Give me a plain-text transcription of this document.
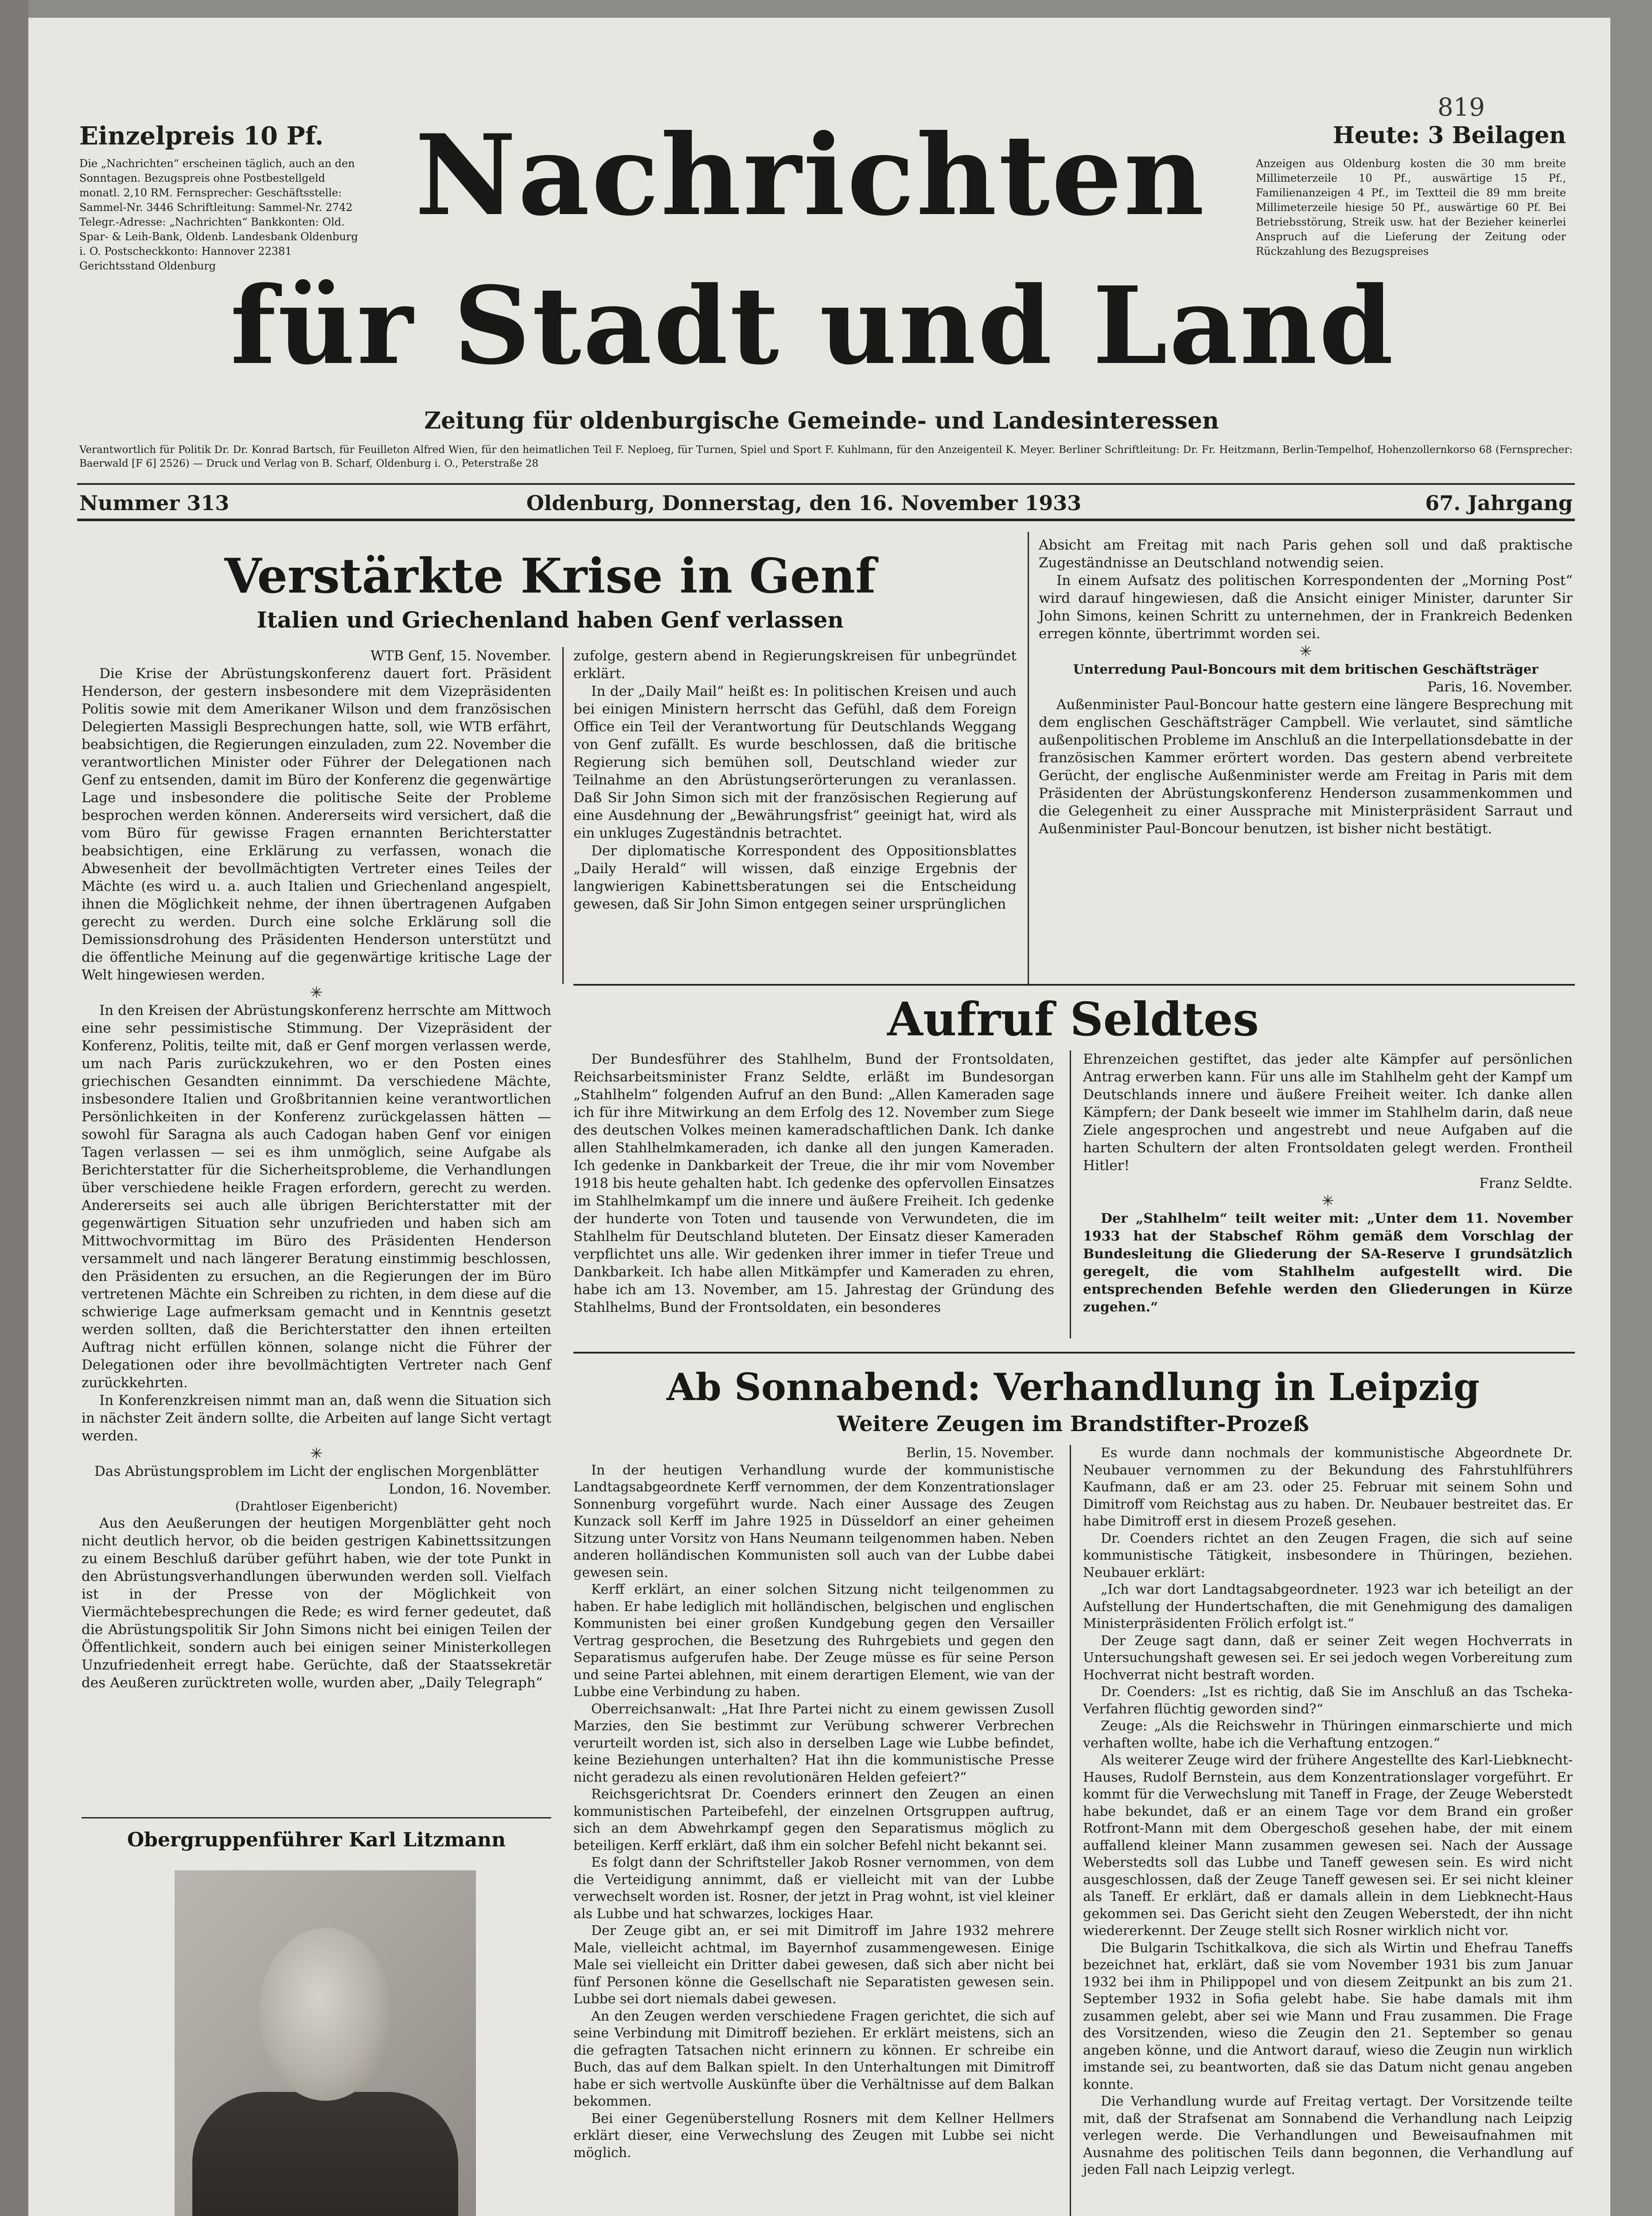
819
Einzelpreis 10 Pf.
Die „Nachrichten“ erscheinen täglich, auch an den Sonntagen. Bezugspreis ohne Postbestellgeld monatl. 2,10 RM. Fernsprecher: Geschäftsstelle: Sammel-Nr. 3446 Schriftleitung: Sammel-Nr. 2742 Telegr.-Adresse: „Nachrichten“ Bankkonten: Old. Spar- & Leih-Bank, Oldenb. Landesbank Oldenburg i. O. Postscheckkonto: Hannover 22381 Gerichtsstand Oldenburg
Nachrichten
für Stadt und Land
Zeitung für oldenburgische Gemeinde- und Landesinteressen
Heute: 3 Beilagen
Anzeigen aus Oldenburg kosten die 30 mm breite Millimeterzeile 10 Pf., auswärtige 15 Pf., Familienanzeigen 4 Pf., im Textteil die 89 mm breite Millimeterzeile hiesige 50 Pf., auswärtige 60 Pf. Bei Betriebsstörung, Streik usw. hat der Bezieher keinerlei Anspruch auf die Lieferung der Zeitung oder Rückzahlung des Bezugspreises
Verantwortlich für Politik Dr. Dr. Konrad Bartsch, für Feuilleton Alfred Wien, für den heimatlichen Teil F. Neploeg, für Turnen, Spiel und Sport F. Kuhlmann, für den Anzeigenteil K. Meyer. Berliner Schriftleitung: Dr. Fr. Heitzmann, Berlin-Tempelhof, Hohenzollernkorso 68 (Fernsprecher: Baerwald [F 6] 2526) — Druck und Verlag von B. Scharf, Oldenburg i. O., Peterstraße 28
Nummer 313	Oldenburg, Donnerstag, den 16. November 1933	67. Jahrgang
Verstärkte Krise in Genf
Italien und Griechenland haben Genf verlassen
WTB Genf, 15. November.

Die Krise der Abrüstungskonferenz dauert fort. Präsident Henderson, der gestern insbesondere mit dem Vizepräsidenten Politis sowie mit dem Amerikaner Wilson und dem französischen Delegierten Massigli Besprechungen hatte, soll, wie WTB erfährt, beabsichtigen, die Regierungen einzuladen, zum 22. November die verantwortlichen Minister oder Führer der Delegationen nach Genf zu entsenden, damit im Büro der Konferenz die gegenwärtige Lage und insbesondere die politische Seite der Probleme besprochen werden können. Andererseits wird versichert, daß die vom Büro für gewisse Fragen ernannten Berichterstatter beabsichtigen, eine Erklärung zu verfassen, wonach die Abwesenheit der bevollmächtigten Vertreter eines Teiles der Mächte (es wird u. a. auch Italien und Griechenland angespielt, ihnen die Möglichkeit nehme, der ihnen übertragenen Aufgaben gerecht zu werden. Durch eine solche Erklärung soll die Demissionsdrohung des Präsidenten Henderson unterstützt und die öffentliche Meinung auf die gegenwärtige kritische Lage der Welt hingewiesen werden.

✳

In den Kreisen der Abrüstungskonferenz herrschte am Mittwoch eine sehr pessimistische Stimmung. Der Vizepräsident der Konferenz, Politis, teilte mit, daß er Genf morgen verlassen werde, um nach Paris zurückzukehren, wo er den Posten eines griechischen Gesandten einnimmt. Da verschiedene Mächte, insbesondere Italien und Großbritannien keine verantwortlichen Persönlichkeiten in der Konferenz zurückgelassen hätten — sowohl für Saragna als auch Cadogan haben Genf vor einigen Tagen verlassen — sei es ihm unmöglich, seine Aufgabe als Berichterstatter für die Sicherheitsprobleme, die Verhandlungen über verschiedene heikle Fragen erfordern, gerecht zu werden. Andererseits sei auch alle übrigen Berichterstatter mit der gegenwärtigen Situation sehr unzufrieden und haben sich am Mittwochvormittag im Büro des Präsidenten Henderson versammelt und nach längerer Beratung einstimmig beschlossen, den Präsidenten zu ersuchen, an die Regierungen der im Büro vertretenen Mächte ein Schreiben zu richten, in dem diese auf die schwierige Lage aufmerksam gemacht und in Kenntnis gesetzt werden sollten, daß die Berichterstatter den ihnen erteilten Auftrag nicht erfüllen können, solange nicht die Führer der Delegationen oder ihre bevollmächtigten Vertreter nach Genf zurückkehrten.

In Konferenzkreisen nimmt man an, daß wenn die Situation sich in nächster Zeit ändern sollte, die Arbeiten auf lange Sicht vertagt werden.

✳
Das Abrüstungsproblem im Licht der englischen Morgenblätter
London, 16. November.
(Drahtloser Eigenbericht)

Aus den Aeußerungen der heutigen Morgenblätter geht noch nicht deutlich hervor, ob die beiden gestrigen Kabinettssitzungen zu einem Beschluß darüber geführt haben, wie der tote Punkt in den Abrüstungsverhandlungen überwunden werden soll. Vielfach ist in der Presse von der Möglichkeit von Viermächtebesprechungen die Rede; es wird ferner gedeutet, daß die Abrüstungspolitik Sir John Simons nicht bei einigen Teilen der Öffentlichkeit, sondern auch bei einigen seiner Ministerkollegen Unzufriedenheit erregt habe. Gerüchte, daß der Staatssekretär des Aeußeren zurücktreten wolle, wurden aber, „Daily Telegraph“

zufolge, gestern abend in Regierungskreisen für unbegründet erklärt.

In der „Daily Mail“ heißt es: In politischen Kreisen und auch bei einigen Ministern herrscht das Gefühl, daß dem Foreign Office ein Teil der Verantwortung für Deutschlands Weggang von Genf zufällt. Es wurde beschlossen, daß die britische Regierung sich bemühen soll, Deutschland wieder zur Teilnahme an den Abrüstungserörterungen zu veranlassen. Daß Sir John Simon sich mit der französischen Regierung auf eine Ausdehnung der „Bewährungsfrist“ geeinigt hat, wird als ein unkluges Zugeständnis betrachtet.

Der diplomatische Korrespondent des Oppositionsblattes „Daily Herald“ will wissen, daß einzige Ergebnis der langwierigen Kabinettsberatungen sei die Entscheidung gewesen, daß Sir John Simon entgegen seiner ursprünglichen

Absicht am Freitag mit nach Paris gehen soll und daß praktische Zugeständnisse an Deutschland notwendig seien.

In einem Aufsatz des politischen Korrespondenten der „Morning Post“ wird darauf hingewiesen, daß die Ansicht einiger Minister, darunter Sir John Simons, keinen Schritt zu unternehmen, der in Frankreich Bedenken erregen könnte, übertrimmt worden sei.

✳
Unterredung Paul-Boncours mit dem britischen Geschäftsträger
Paris, 16. November.

Außenminister Paul-Boncour hatte gestern eine längere Besprechung mit dem englischen Geschäftsträger Campbell. Wie verlautet, sind sämtliche außenpolitischen Probleme im Anschluß an die Interpellationsdebatte in der französischen Kammer erörtert worden. Das gestern abend verbreitete Gerücht, der englische Außenminister werde am Freitag in Paris mit dem Präsidenten der Abrüstungskonferenz Henderson zusammenkommen und die Gelegenheit zu einer Aussprache mit Ministerpräsident Sarraut und Außenminister Paul-Boncour benutzen, ist bisher nicht bestätigt.

Aufruf Seldtes

Der Bundesführer des Stahlhelm, Bund der Frontsoldaten, Reichsarbeitsminister Franz Seldte, erläßt im Bundesorgan „Stahlhelm“ folgenden Aufruf an den Bund: „Allen Kameraden sage ich für ihre Mitwirkung an dem Erfolg des 12. November zum Siege des deutschen Volkes meinen kameradschaftlichen Dank. Ich danke allen Stahlhelmkameraden, ich danke all den jungen Kameraden. Ich gedenke in Dankbarkeit der Treue, die ihr mir vom November 1918 bis heute gehalten habt. Ich gedenke des opfervollen Einsatzes im Stahlhelmkampf um die innere und äußere Freiheit. Ich gedenke der hunderte von Toten und tausende von Verwundeten, die im Stahlhelm für Deutschland bluteten. Der Einsatz dieser Kameraden verpflichtet uns alle. Wir gedenken ihrer immer in tiefer Treue und Dankbarkeit. Ich habe allen Mitkämpfer und Kameraden zu ehren, habe ich am 13. November, am 15. Jahrestag der Gründung des Stahlhelms, Bund der Frontsoldaten, ein besonderes

Ehrenzeichen gestiftet, das jeder alte Kämpfer auf persönlichen Antrag erwerben kann. Für uns alle im Stahlhelm geht der Kampf um Deutschlands innere und äußere Freiheit weiter. Ich danke allen Kämpfern; der Dank beseelt wie immer im Stahlhelm darin, daß neue Ziele angesprochen und angestrebt und neue Aufgaben auf die harten Schultern der alten Frontsoldaten gelegt werden. Frontheil Hitler!

Franz Seldte.
✳

Der „Stahlhelm“ teilt weiter mit: „Unter dem 11. November 1933 hat der Stabschef Röhm gemäß dem Vorschlag der Bundesleitung die Gliederung der SA-Reserve I grundsätzlich geregelt, die vom Stahlhelm aufgestellt wird. Die entsprechenden Befehle werden den Gliederungen in Kürze zugehen.“

Ab Sonnabend: Verhandlung in Leipzig
Weitere Zeugen im Brandstifter-Prozeß
Berlin, 15. November.

In der heutigen Verhandlung wurde der kommunistische Landtagsabgeordnete Kerff vernommen, der dem Konzentrationslager Sonnenburg vorgeführt wurde. Nach einer Aussage des Zeugen Kunzack soll Kerff im Jahre 1925 in Düsseldorf an einer geheimen Sitzung unter Vorsitz von Hans Neumann teilgenommen haben. Neben anderen holländischen Kommunisten soll auch van der Lubbe dabei gewesen sein.

Kerff erklärt, an einer solchen Sitzung nicht teilgenommen zu haben. Er habe lediglich mit holländischen, belgischen und englischen Kommunisten bei einer großen Kundgebung gegen den Versailler Vertrag gesprochen, die Besetzung des Ruhrgebiets und gegen den Separatismus aufgerufen habe. Der Zeuge müsse es für seine Person und seine Partei ablehnen, mit einem derartigen Element, wie van der Lubbe eine Verbindung zu haben.

Oberreichsanwalt: „Hat Ihre Partei nicht zu einem gewissen Zusoll Marzies, den Sie bestimmt zur Verübung schwerer Verbrechen verurteilt worden ist, sich also in derselben Lage wie Lubbe befindet, keine Beziehungen unterhalten? Hat ihn die kommunistische Presse nicht geradezu als einen revolutionären Helden gefeiert?“

Reichsgerichtsrat Dr. Coenders erinnert den Zeugen an einen kommunistischen Parteibefehl, der einzelnen Ortsgruppen auftrug, sich an dem Abwehrkampf gegen den Separatismus möglich zu beteiligen. Kerff erklärt, daß ihm ein solcher Befehl nicht bekannt sei.

Es folgt dann der Schriftsteller Jakob Rosner vernommen, von dem die Verteidigung annimmt, daß er vielleicht mit van der Lubbe verwechselt worden ist. Rosner, der jetzt in Prag wohnt, ist viel kleiner als Lubbe und hat schwarzes, lockiges Haar.

Der Zeuge gibt an, er sei mit Dimitroff im Jahre 1932 mehrere Male, vielleicht achtmal, im Bayernhof zusammengewesen. Einige Male sei vielleicht ein Dritter dabei gewesen, daß sich aber nicht bei fünf Personen könne die Gesellschaft nie Separatisten gewesen sein. Lubbe sei dort niemals dabei gewesen.

An den Zeugen werden verschiedene Fragen gerichtet, die sich auf seine Verbindung mit Dimitroff beziehen. Er erklärt meistens, sich an die gefragten Tatsachen nicht erinnern zu können. Er schreibe ein Buch, das auf dem Balkan spielt. In den Unterhaltungen mit Dimitroff habe er sich wertvolle Auskünfte über die Verhältnisse auf dem Balkan bekommen.

Bei einer Gegenüberstellung Rosners mit dem Kellner Hellmers erklärt dieser, eine Verwechslung des Zeugen mit Lubbe sei nicht möglich.

Es wurde dann nochmals der kommunistische Abgeordnete Dr. Neubauer vernommen zu der Bekundung des Fahrstuhlführers Kaufmann, daß er am 23. oder 25. Februar mit seinem Sohn und Dimitroff vom Reichstag aus zu haben. Dr. Neubauer bestreitet das. Er habe Dimitroff erst in diesem Prozeß gesehen.

Dr. Coenders richtet an den Zeugen Fragen, die sich auf seine kommunistische Tätigkeit, insbesondere in Thüringen, beziehen. Neubauer erklärt:

„Ich war dort Landtagsabgeordneter. 1923 war ich beteiligt an der Aufstellung der Hundertschaften, die mit Genehmigung des damaligen Ministerpräsidenten Frölich erfolgt ist.“

Der Zeuge sagt dann, daß er seiner Zeit wegen Hochverrats in Untersuchungshaft gewesen sei. Er sei jedoch wegen Vorbereitung zum Hochverrat nicht bestraft worden.

Dr. Coenders: „Ist es richtig, daß Sie im Anschluß an das Tscheka-Verfahren flüchtig geworden sind?“

Zeuge: „Als die Reichswehr in Thüringen einmarschierte und mich verhaften wollte, habe ich die Verhaftung entzogen.“

Als weiterer Zeuge wird der frühere Angestellte des Karl-Liebknecht-Hauses, Rudolf Bernstein, aus dem Konzentrationslager vorgeführt. Er kommt für die Verwechslung mit Taneff in Frage, der Zeuge Weberstedt habe bekundet, daß er an einem Tage vor dem Brand ein großer Rotfront-Mann mit dem Obergeschoß gesehen habe, der mit einem auffallend kleiner Mann zusammen gewesen sei. Nach der Aussage Weberstedts soll das Lubbe und Taneff gewesen sein. Es wird nicht ausgeschlossen, daß der Zeuge Taneff gewesen sei. Er sei nicht kleiner als Taneff. Er erklärt, daß er damals allein in dem Liebknecht-Haus gekommen sei. Das Gericht sieht den Zeugen Weberstedt, der ihn nicht wiedererkennt. Der Zeuge stellt sich Rosner wirklich nicht vor.

Die Bulgarin Tschitkalkova, die sich als Wirtin und Ehefrau Taneffs bezeichnet hat, erklärt, daß sie vom November 1931 bis zum Januar 1932 bei ihm in Philippopel und von diesem Zeitpunkt an bis zum 21. September 1932 in Sofia gelebt habe. Sie habe damals mit ihm zusammen gelebt, aber sei wie Mann und Frau zusammen. Die Frage des Vorsitzenden, wieso die Zeugin den 21. September so genau angeben könne, und die Antwort darauf, wieso die Zeugin nun wirklich imstande sei, zu beantworten, daß sie das Datum nicht genau angeben konnte.

Die Verhandlung wurde auf Freitag vertagt. Der Vorsitzende teilte mit, daß der Strafsenat am Sonnabend die Verhandlung nach Leipzig verlegen werde. Die Verhandlungen und Beweisaufnahmen mit Ausnahme des politischen Teils dann begonnen, die Verhandlung auf jeden Fall nach Leipzig verlegt.

Obergruppenführer Karl Litzmann
